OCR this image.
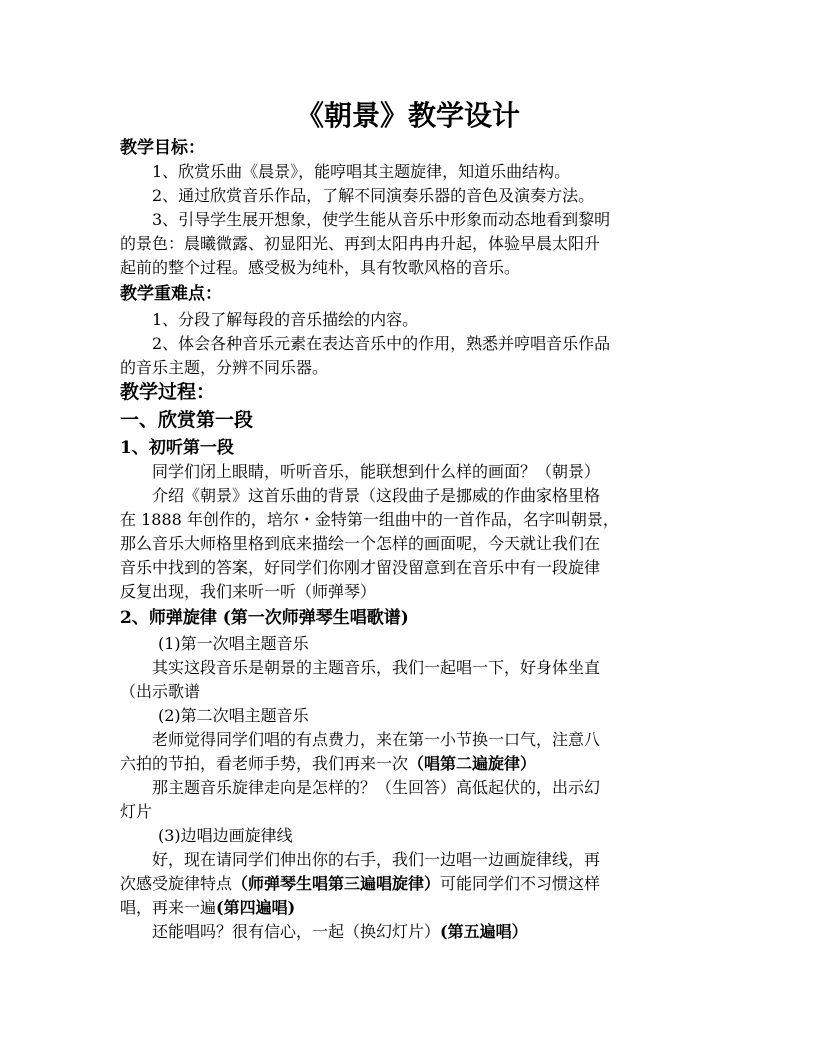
《朝景》教学设计
教学目标：
1、欣赏乐曲《晨景》，能哼唱其主题旋律，知道乐曲结构。
2、通过欣赏音乐作品，了解不同演奏乐器的音色及演奏方法。
3、引导学生展开想象，使学生能从音乐中形象而动态地看到黎明
的景色：晨曦微露、初显阳光、再到太阳冉冉升起，体验早晨太阳升
起前的整个过程。感受极为纯朴，具有牧歌风格的音乐。
教学重难点：
1、分段了解每段的音乐描绘的内容。
2、体会各种音乐元素在表达音乐中的作用，熟悉并哼唱音乐作品
的音乐主题，分辨不同乐器。
教学过程：
一、欣赏第一段
1、初听第一段
同学们闭上眼睛，听听音乐，能联想到什么样的画面？（朝景）
介绍《朝景》这首乐曲的背景（这段曲子是挪威的作曲家格里格
在 1888 年创作的，培尔・金特第一组曲中的一首作品，名字叫朝景，
那么音乐大师格里格到底来描绘一个怎样的画面呢，今天就让我们在
音乐中找到的答案，好同学们你刚才留没留意到在音乐中有一段旋律
反复出现，我们来听一听（师弹琴）
2、师弹旋律 (第一次师弹琴生唱歌谱)
(1)第一次唱主题音乐
其实这段音乐是朝景的主题音乐，我们一起唱一下，好身体坐直
（出示歌谱
(2)第二次唱主题音乐
老师觉得同学们唱的有点费力，来在第一小节换一口气，注意八
六拍的节拍，看老师手势，我们再来一次（唱第二遍旋律）
那主题音乐旋律走向是怎样的？（生回答）高低起伏的，出示幻
灯片
(3)边唱边画旋律线
好，现在请同学们伸出你的右手，我们一边唱一边画旋律线，再
次感受旋律特点（师弹琴生唱第三遍唱旋律）可能同学们不习惯这样
唱，再来一遍(第四遍唱)
还能唱吗？很有信心，一起（换幻灯片）(第五遍唱）
